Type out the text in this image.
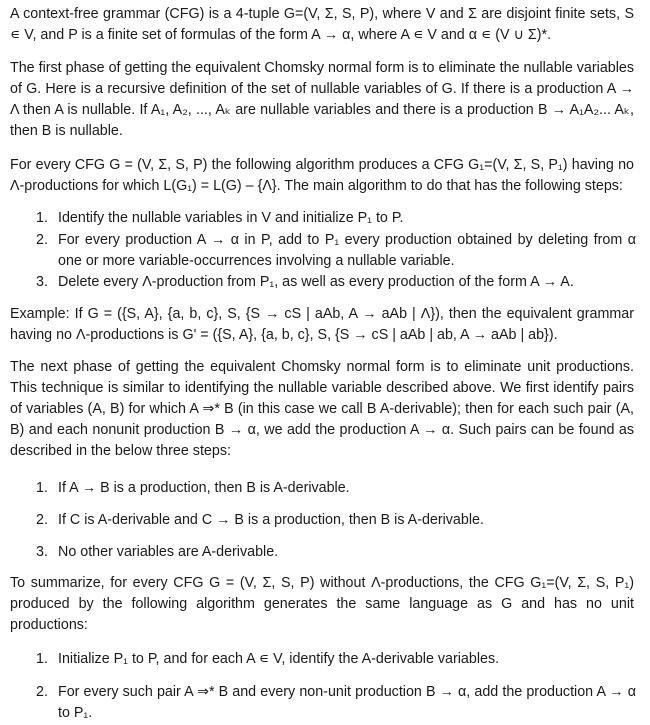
A context-free grammar (CFG) is a 4-tuple G=(V, Σ, S, P), where V and Σ are disjoint finite sets, S ∊ V, and P is a finite set of formulas of the form A → α, where A ∊ V and α ∊ (V ∪ Σ)*.

The first phase of getting the equivalent Chomsky normal form is to eliminate the nullable variables of G. Here is a recursive definition of the set of nullable variables of G. If there is a production A → Λ then A is nullable. If A₁, A₂, ..., Aₖ are nullable variables and there is a production B → A₁A₂... Aₖ, then B is nullable.

For every CFG G = (V, Σ, S, P) the following algorithm produces a CFG G₁=(V, Σ, S, P₁) having no Λ-productions for which L(G₁) = L(G) – {Λ}. The main algorithm to do that has the following steps:

1. Identify the nullable variables in V and initialize P₁ to P.
2. For every production A → α in P, add to P₁ every production obtained by deleting from α one or more variable-occurrences involving a nullable variable.
3. Delete every Λ-production from P₁, as well as every production of the form A → A.

Example: If G = ({S, A}, {a, b, c}, S, {S → cS | aAb, A → aAb | Λ}), then the equivalent grammar having no Λ-productions is G' = ({S, A}, {a, b, c}, S, {S → cS | aAb | ab, A → aAb | ab}).

The next phase of getting the equivalent Chomsky normal form is to eliminate unit productions. This technique is similar to identifying the nullable variable described above. We first identify pairs of variables (A, B) for which A ⇒* B (in this case we call B A-derivable); then for each such pair (A, B) and each nonunit production B → α, we add the production A → α. Such pairs can be found as described in the below three steps:

1. If A → B is a production, then B is A-derivable.
2. If C is A-derivable and C → B is a production, then B is A-derivable.
3. No other variables are A-derivable.

To summarize, for every CFG G = (V, Σ, S, P) without Λ-productions, the CFG G₁=(V, Σ, S, P₁) produced by the following algorithm generates the same language as G and has no unit productions:

1. Initialize P₁ to P, and for each A ∊ V, identify the A-derivable variables.
2. For every such pair A ⇒* B and every non-unit production B → α, add the production A → α to P₁.
